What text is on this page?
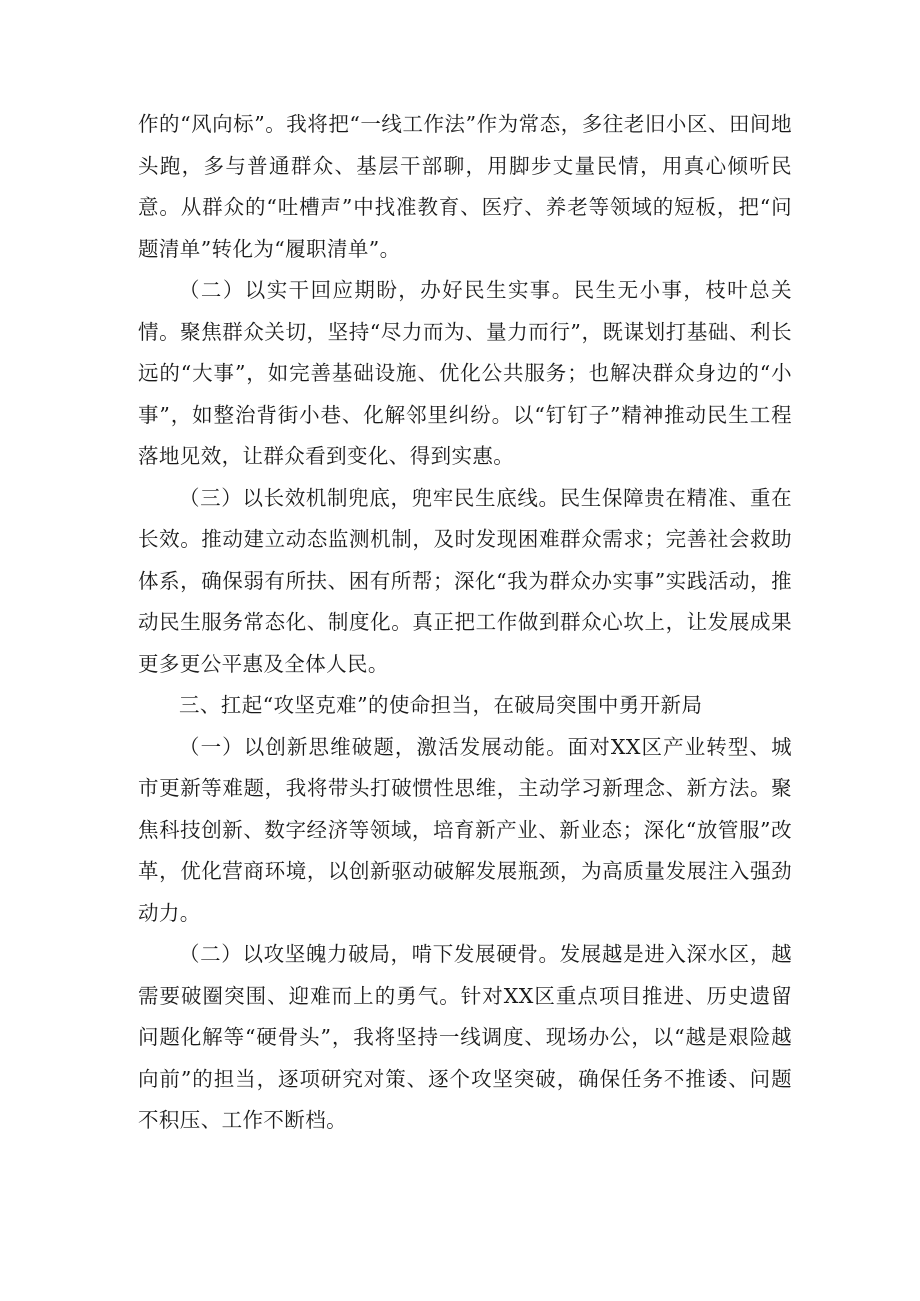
作的“风向标”。我将把“一线工作法”作为常态，多往老旧小区、田间地头跑，多与普通群众、基层干部聊，用脚步丈量民情，用真心倾听民意。从群众的“吐槽声”中找准教育、医疗、养老等领域的短板，把“问题清单”转化为“履职清单”。

（二）以实干回应期盼，办好民生实事。民生无小事，枝叶总关情。聚焦群众关切，坚持“尽力而为、量力而行”，既谋划打基础、利长远的“大事”，如完善基础设施、优化公共服务；也解决群众身边的“小事”，如整治背街小巷、化解邻里纠纷。以“钉钉子”精神推动民生工程落地见效，让群众看到变化、得到实惠。

（三）以长效机制兜底，兜牢民生底线。民生保障贵在精准、重在长效。推动建立动态监测机制，及时发现困难群众需求；完善社会救助体系，确保弱有所扶、困有所帮；深化“我为群众办实事”实践活动，推动民生服务常态化、制度化。真正把工作做到群众心坎上，让发展成果更多更公平惠及全体人民。

三、扛起“攻坚克难”的使命担当，在破局突围中勇开新局

（一）以创新思维破题，激活发展动能。面对XX区产业转型、城市更新等难题，我将带头打破惯性思维，主动学习新理念、新方法。聚焦科技创新、数字经济等领域，培育新产业、新业态；深化“放管服”改革，优化营商环境，以创新驱动破解发展瓶颈，为高质量发展注入强劲动力。

（二）以攻坚魄力破局，啃下发展硬骨。发展越是进入深水区，越需要破圈突围、迎难而上的勇气。针对XX区重点项目推进、历史遗留问题化解等“硬骨头”，我将坚持一线调度、现场办公，以“越是艰险越向前”的担当，逐项研究对策、逐个攻坚突破，确保任务不推诿、问题不积压、工作不断档。
